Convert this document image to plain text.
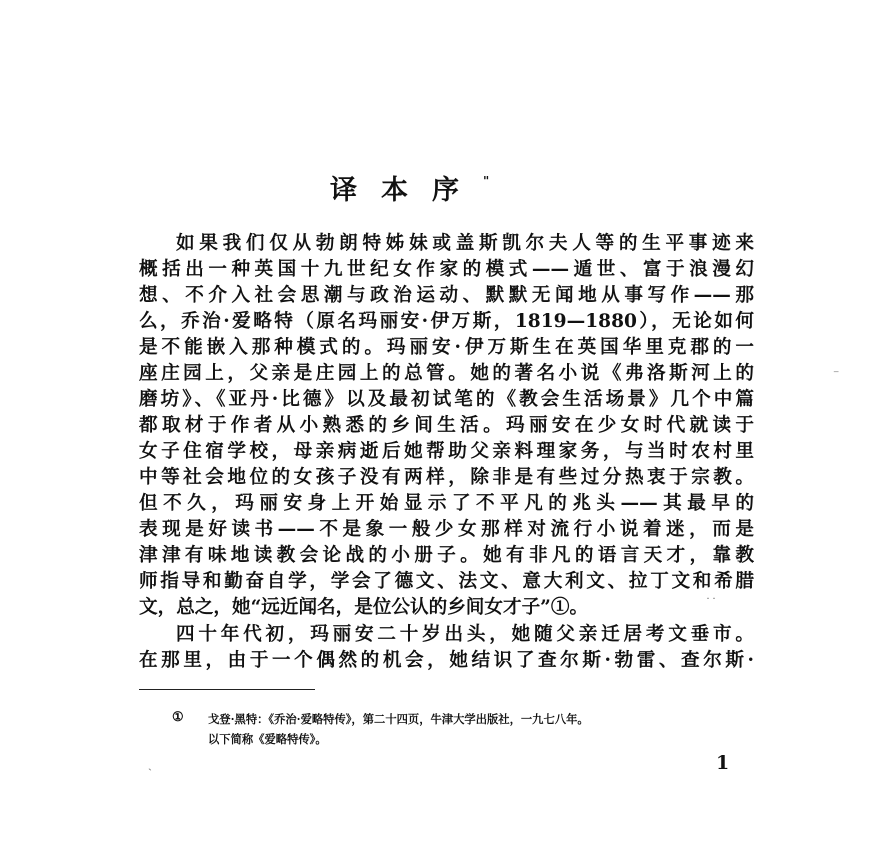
译本序"
如果我们仅从勃朗特姊妹或盖斯凯尔夫人等的生平事迹来
概括出一种英国十九世纪女作家的模式——遁世、富于浪漫幻
想、不介入社会思潮与政治运动、默默无闻地从事写作——那
么，乔治·爱略特（原名玛丽安·伊万斯，1819—1880），无论如何
是不能嵌入那种模式的。玛丽安·伊万斯生在英国华里克郡的一
座庄园上，父亲是庄园上的总管。她的著名小说《弗洛斯河上的
磨坊》、《亚丹·比德》以及最初试笔的《教会生活场景》几个中篇
都取材于作者从小熟悉的乡间生活。玛丽安在少女时代就读于
女子住宿学校，母亲病逝后她帮助父亲料理家务，与当时农村里
中等社会地位的女孩子没有两样，除非是有些过分热衷于宗教。
但不久，玛丽安身上开始显示了不平凡的兆头——其最早的
表现是好读书——不是象一般少女那样对流行小说着迷，而是
津津有味地读教会论战的小册子。她有非凡的语言天才，靠教
师指导和勤奋自学，学会了德文、法文、意大利文、拉丁文和希腊
文，总之，她“远近闻名，是位公认的乡间女才子”①。
四十年代初，玛丽安二十岁出头，她随父亲迁居考文垂市。
在那里，由于一个偶然的机会，她结识了查尔斯·勃雷、查尔斯·
① 戈登·黑特：《乔治·爱略特传》，第二十四页，牛津大学出版社，一九七八年。
以下简称《爱略特传》。
1
⁻
˙˙
ˎ
